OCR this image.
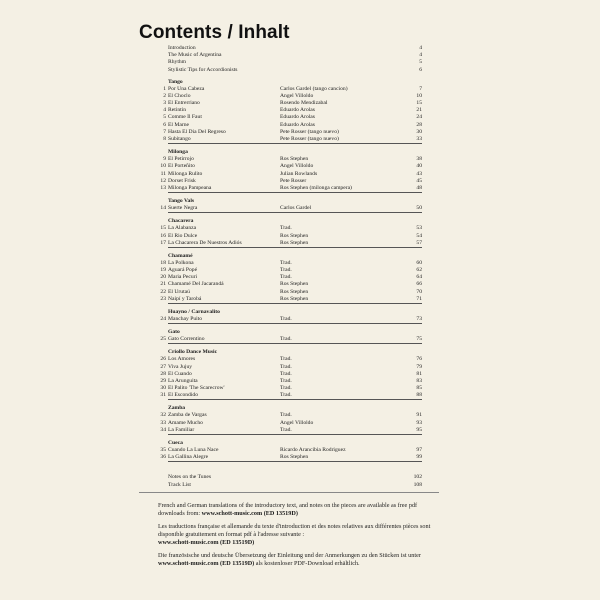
Contents / Inhalt
Introduction	4
The Music of Argentina	4
Rhythm	5
Stylistic Tips for Accordionists	6
Tango
1 Por Una Cabeza	Carlos Gardel (tango cancion)	7
2 El Choclo	Angel Villoldo	10
3 El Entrerriano	Rosendo Mendizabal	15
4 Retintin	Eduardo Arolas	21
5 Comme Il Faut	Eduardo Arolas	24
6 El Marne	Eduardo Arolas	28
7 Hasta El Dia Del Regreso	Pete Rosser (tango nuevo)	30
8 Subitango	Pete Rosser (tango nuevo)	33
Milonga
9 El Petirrojo	Ros Stephen	38
10 El Porteñito	Angel Villoldo	40
11 Milonga Rulito	Julian Rowlands	43
12 Dorset Frisk	Pete Rosser	45
13 Milonga Pampeana	Ros Stephen (milonga campera)	48
Tango Vals
14 Suerte Negra	Carlos Gardel	50
Chacarera
15 La Alabanza	Trad.	53
16 El Rio Dulce	Ros Stephen	54
17 La Chacarera De Nuestros Adiós	Ros Stephen	57
Chamamé
18 La Polkona	Trad.	60
19 Aguará Popé	Trad.	62
20 Maria Pecuri	Trad.	64
21 Chamamé Del Jacarandá	Ros Stephen	66
22 El Urutaú	Ros Stephen	70
23 Naipí y Tarobá	Ros Stephen	71
Huayno / Carnavalito
24 Manchay Puito	Trad.	73
Gato
25 Gato Correntino	Trad.	75
Criollo Dance Music
26 Los Amores	Trad.	76
27 Viva Jujuy	Trad.	79
28 El Cuando	Trad.	81
29 La Arunguita	Trad.	83
30 El Palito 'The Scarecrow'	Trad.	85
31 El Escondido	Trad.	88
Zamba
32 Zamba de Vargas	Trad.	91
33 Amame Mucho	Angel Villoldo	93
34 La Familiar	Trad.	95
Cueca
35 Cuando La Luna Nace	Ricardo Arancibia Rodriguez	97
36 La Gallina Alegre	Ros Stephen	99
Notes on the Tunes	102
Track List	108

French and German translations of the introductory text, and notes on the pieces are available as free pdf downloads from: www.schott-music.com (ED 13519D)

Les traductions française et allemande du texte d'introduction et des notes relatives aux différentes pièces sont disponible gratuitement en format pdf à l'adresse suivante :
www.schott-music.com (ED 13519D)

Die französische und deutsche Übersetzung der Einleitung und der Anmerkungen zu den Stücken ist unter www.schott-music.com (ED 13519D) als kostenloser PDF-Download erhältlich.
